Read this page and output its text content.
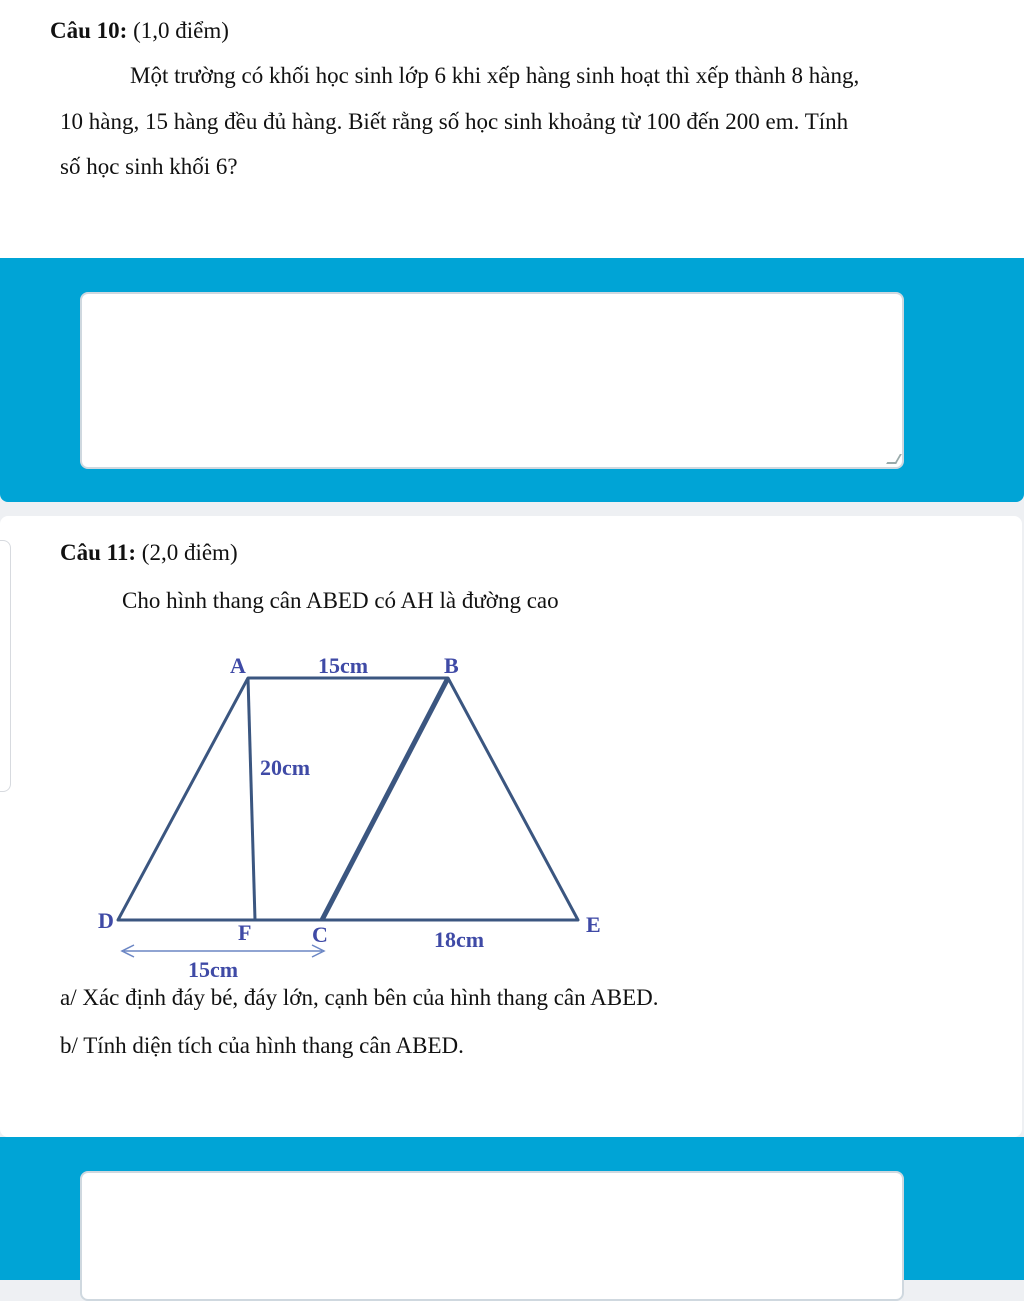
Câu 10: (1,0 điểm)
Một trường có khối học sinh lớp 6 khi xếp hàng sinh hoạt thì xếp thành 8 hàng,
10 hàng, 15 hàng đều đủ hàng. Biết rằng số học sinh khoảng từ 100 đến 200 em. Tính
số học sinh khối 6?
Câu 11: (2,0 điêm)
Cho hình thang cân ABED có AH là đường cao
A	B
D	E
F	C
15cm
20cm
18cm
15cm
a/ Xác định đáy bé, đáy lớn, cạnh bên của hình thang cân ABED.
b/ Tính diện tích của hình thang cân ABED.
